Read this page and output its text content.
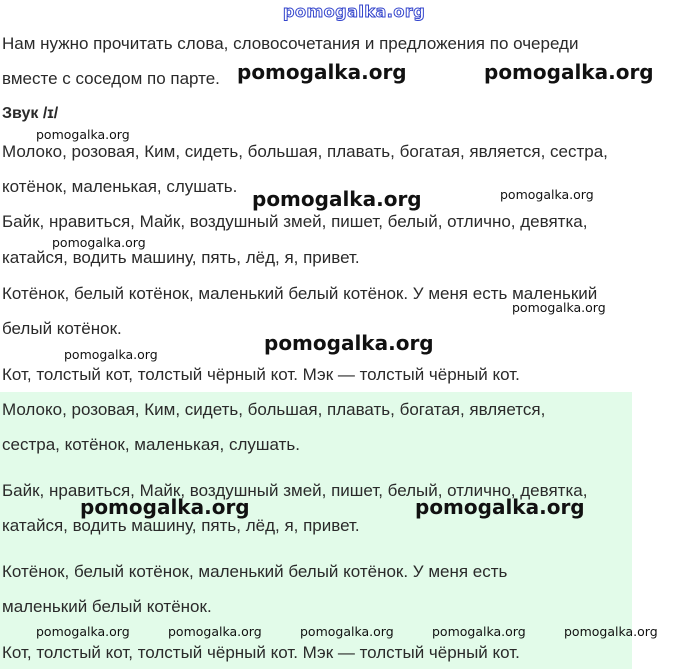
pomogalka.org
Нам нужно прочитать слова, словосочетания и предложения по очереди
вместе с соседом по парте.
Звук /ɪ/
Молоко, розовая, Ким, сидеть, большая, плавать, богатая, является, сестра,
котёнок, маленькая, слушать.
Байк, нравиться, Майк, воздушный змей, пишет, белый, отлично, девятка,
катайся, водить машину, пять, лёд, я, привет.
Котёнок, белый котёнок, маленький белый котёнок. У меня есть маленький
белый котёнок.
Кот, толстый кот, толстый чёрный кот. Мэк — толстый чёрный кот.
Молоко, розовая, Ким, сидеть, большая, плавать, богатая, является,
сестра, котёнок, маленькая, слушать.
Байк, нравиться, Майк, воздушный змей, пишет, белый, отлично, девятка,
катайся, водить машину, пять, лёд, я, привет.
Котёнок, белый котёнок, маленький белый котёнок. У меня есть
маленький белый котёнок.
Кот, толстый кот, толстый чёрный кот. Мэк — толстый чёрный кот.
pomogalka.org	pomogalka.org
pomogalka.org
pomogalka.org
pomogalka.org	pomogalka.org
pomogalka.org
pomogalka.org
pomogalka.org
pomogalka.org
pomogalka.org
pomogalka.org	pomogalka.org	pomogalka.org	pomogalka.org	pomogalka.org
